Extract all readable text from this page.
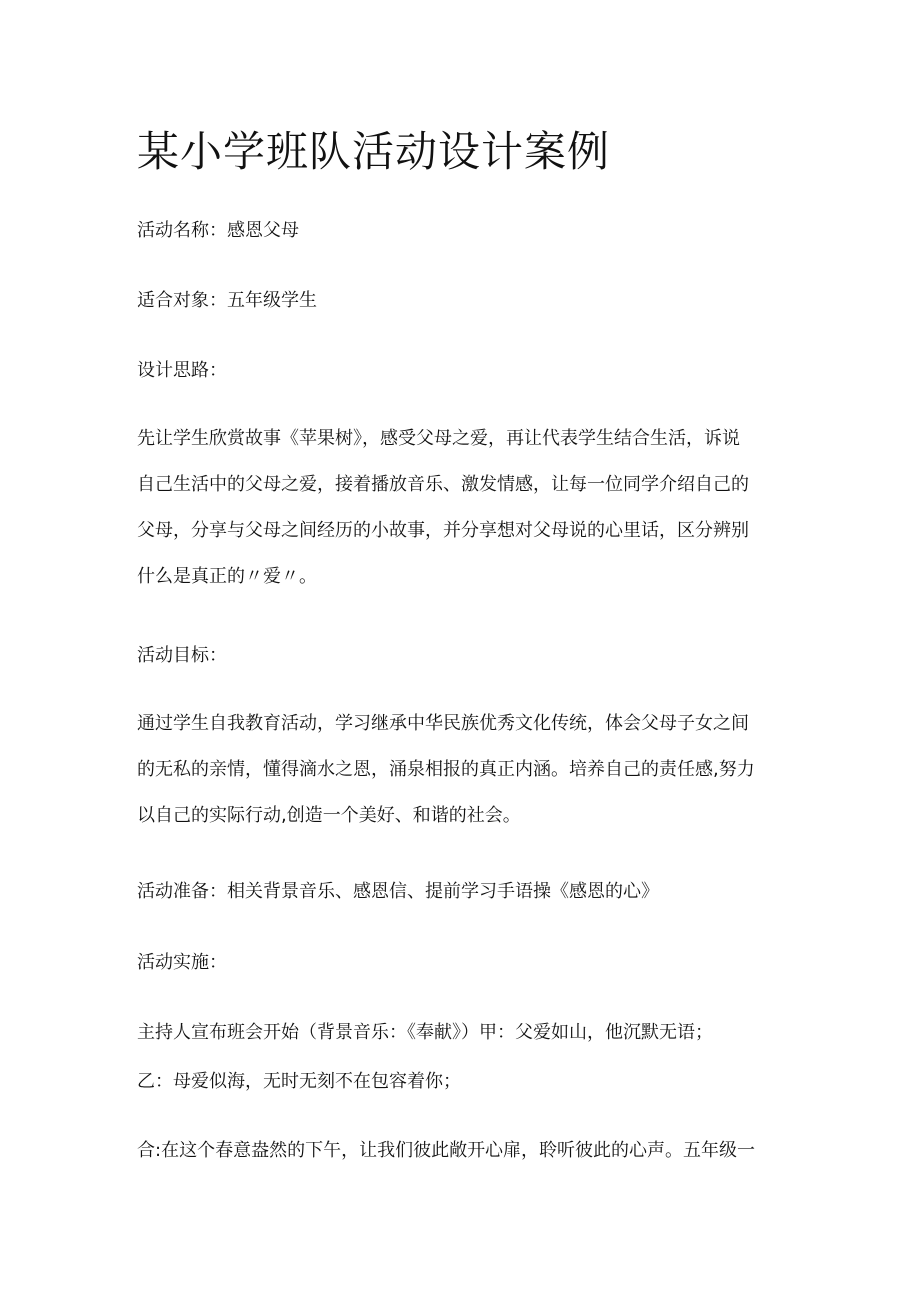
某小学班队活动设计案例

活动名称：感恩父母

适合对象：五年级学生

设计思路：

先让学生欣赏故事《苹果树》，感受父母之爱，再让代表学生结合生活，诉说
自己生活中的父母之爱，接着播放音乐、激发情感，让每一位同学介绍自己的
父母，分享与父母之间经历的小故事，并分享想对父母说的心里话，区分辨别
什么是真正的〃爱〃。

活动目标：

通过学生自我教育活动，学习继承中华民族优秀文化传统，体会父母子女之间
的无私的亲情，懂得滴水之恩，涌泉相报的真正内涵。培养自己的责任感,努力
以自己的实际行动,创造一个美好、和谐的社会。

活动准备：相关背景音乐、感恩信、提前学习手语操《感恩的心》

活动实施：

主持人宣布班会开始（背景音乐：《奉献》）甲：父爱如山，他沉默无语；

乙：母爱似海，无时无刻不在包容着你；

合:在这个春意盎然的下午，让我们彼此敞开心扉，聆听彼此的心声。五年级一
